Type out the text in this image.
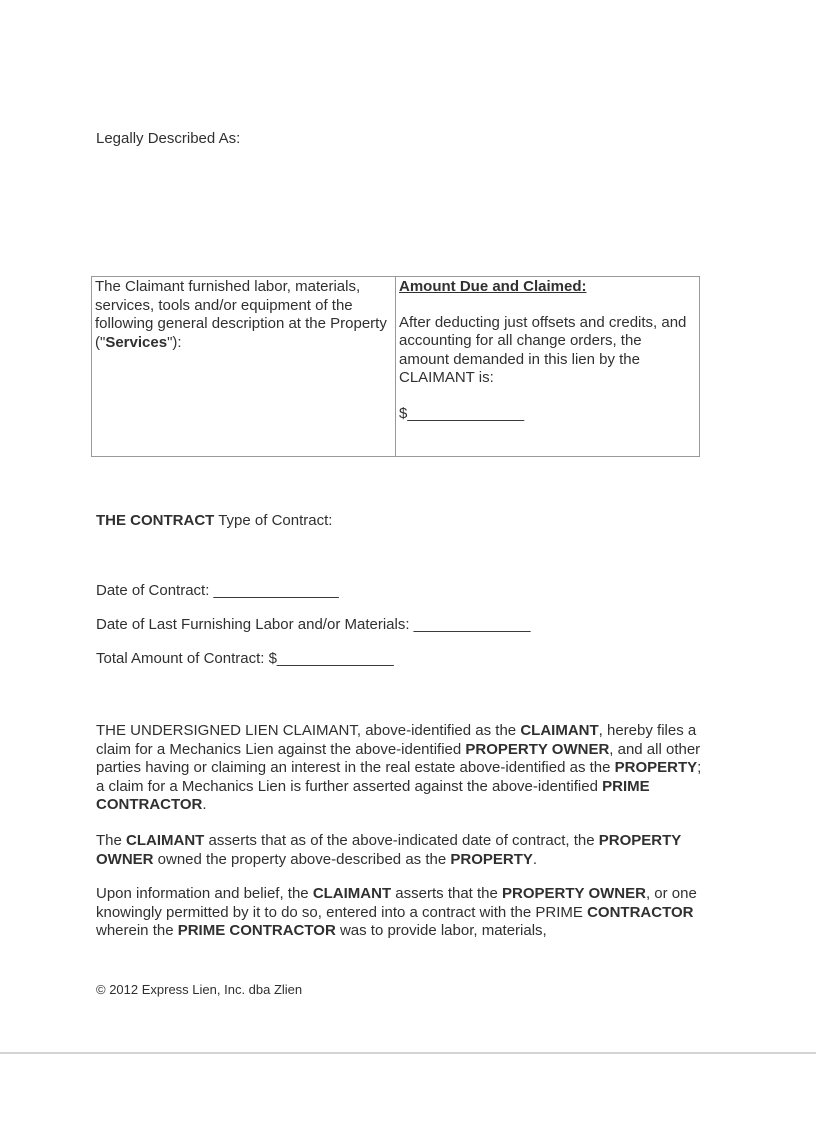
Legally Described As:
The Claimant furnished labor, materials, services, tools and/or equipment of the following general description at the Property ("Services"):	
Amount Due and Claimed:
After deducting just offsets and credits, and accounting for all change orders, the amount demanded in this lien by the CLAIMANT is:
$______________
THE CONTRACT Type of Contract:
Date of Contract: _______________
Date of Last Furnishing Labor and/or Materials: ______________
Total Amount of Contract: $______________
THE UNDERSIGNED LIEN CLAIMANT, above-identified as the CLAIMANT, hereby files a claim for a Mechanics Lien against the above-identified PROPERTY OWNER, and all other parties having or claiming an interest in the real estate above-identified as the PROPERTY; a claim for a Mechanics Lien is further asserted against the above-identified PRIME CONTRACTOR.
The CLAIMANT asserts that as of the above-indicated date of contract, the PROPERTY OWNER owned the property above-described as the PROPERTY.
Upon information and belief, the CLAIMANT asserts that the PROPERTY OWNER, or one knowingly permitted by it to do so, entered into a contract with the PRIME CONTRACTOR wherein the PRIME CONTRACTOR was to provide labor, materials,
© 2012 Express Lien, Inc. dba Zlien
